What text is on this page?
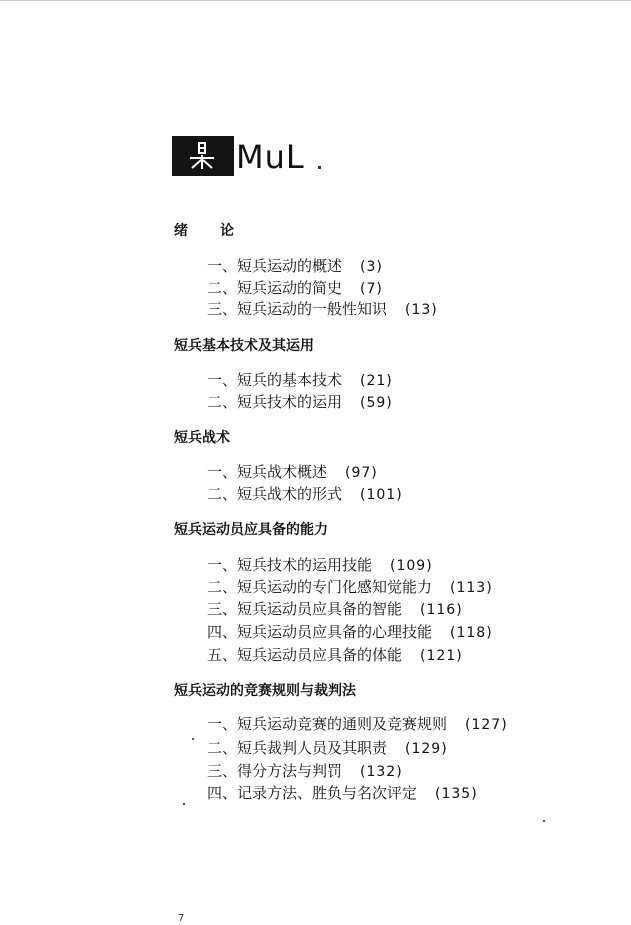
MuL
绪论
一、短兵运动的概述 (3)
二、短兵运动的简史 (7)
三、短兵运动的一般性知识 (13)
短兵基本技术及其运用
一、短兵的基本技术 (21)
二、短兵技术的运用 (59)
短兵战术
一、短兵战术概述 (97)
二、短兵战术的形式 (101)
短兵运动员应具备的能力
一、短兵技术的运用技能 (109)
二、短兵运动的专门化感知觉能力 (113)
三、短兵运动员应具备的智能 (116)
四、短兵运动员应具备的心理技能 (118)
五、短兵运动员应具备的体能 (121)
短兵运动的竞赛规则与裁判法
一、短兵运动竞赛的通则及竞赛规则 (127)
二、短兵裁判人员及其职责 (129)
三、得分方法与判罚 (132)
四、记录方法、胜负与名次评定 (135)
7
